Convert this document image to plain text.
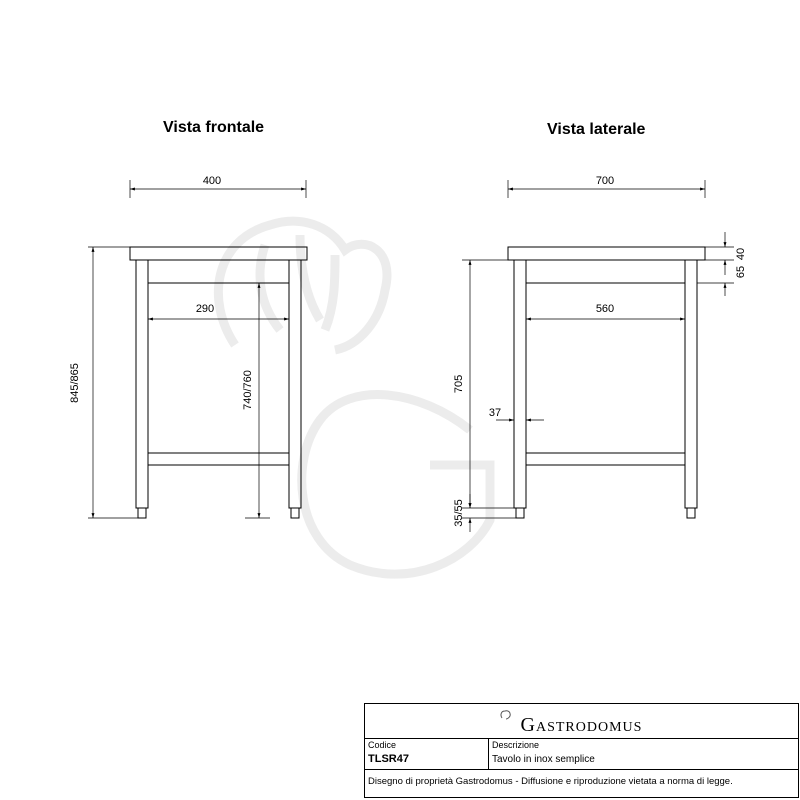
Vista frontale	Vista laterale
400
290
845/865	740/760
700
560
705
37
35/55
40
65
GASTRODOMUS
Codice
TLSR47
Descrizione
Tavolo in inox semplice
Disegno di proprietà Gastrodomus - Diffusione e riproduzione vietata a norma di legge.
